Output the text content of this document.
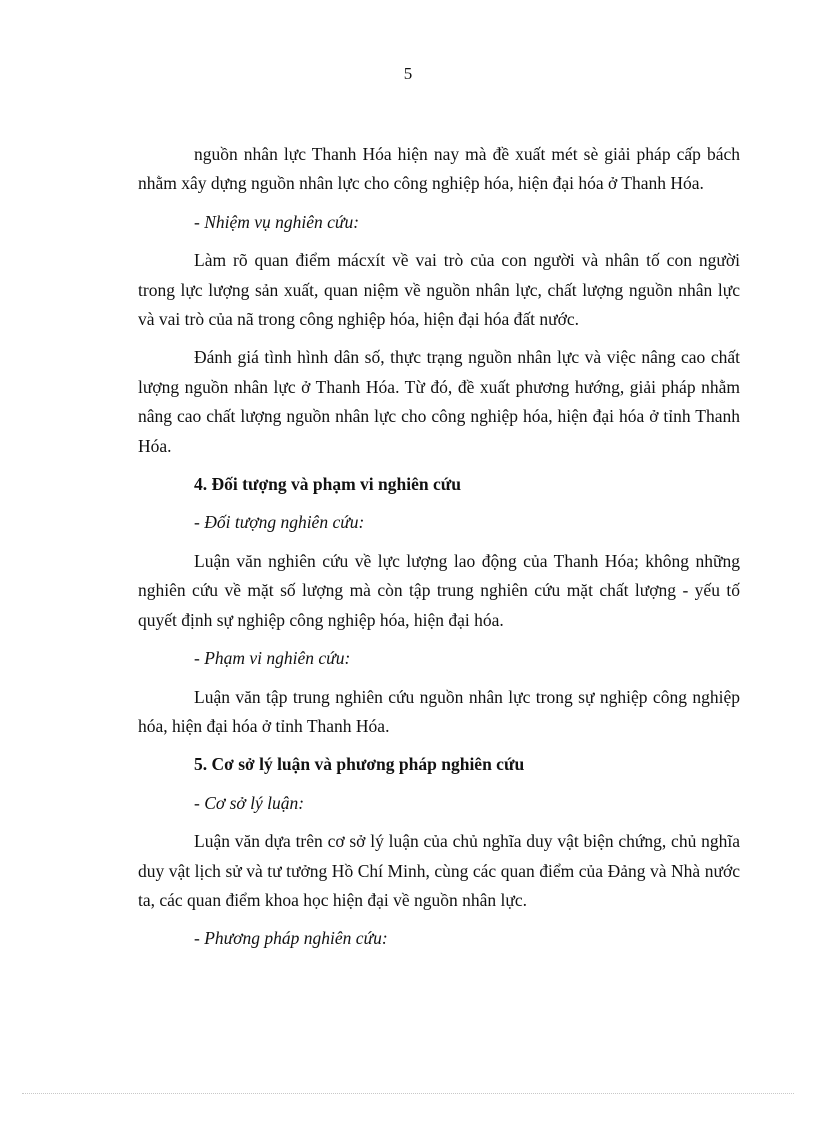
5

nguồn nhân lực Thanh Hóa hiện nay mà đề xuất mét sè giải pháp cấp bách nhằm xây dựng nguồn nhân lực cho công nghiệp hóa, hiện đại hóa ở Thanh Hóa.

- Nhiệm vụ nghiên cứu:

Làm rõ quan điểm mácxít về vai trò của con người và nhân tố con người trong lực lượng sản xuất, quan niệm về nguồn nhân lực, chất lượng nguồn nhân lực và vai trò của nã trong công nghiệp hóa, hiện đại hóa đất nước.

Đánh giá tình hình dân số, thực trạng nguồn nhân lực và việc nâng cao chất lượng nguồn nhân lực ở Thanh Hóa. Từ đó, đề xuất phương hướng, giải pháp nhằm nâng cao chất lượng nguồn nhân lực cho công nghiệp hóa, hiện đại hóa ở tỉnh Thanh Hóa.

4. Đối tượng và phạm vi nghiên cứu

- Đối tượng nghiên cứu:

Luận văn nghiên cứu về lực lượng lao động của Thanh Hóa; không những nghiên cứu về mặt số lượng mà còn tập trung nghiên cứu mặt chất lượng - yếu tố quyết định sự nghiệp công nghiệp hóa, hiện đại hóa.

- Phạm vi nghiên cứu:

Luận văn tập trung nghiên cứu nguồn nhân lực trong sự nghiệp công nghiệp hóa, hiện đại hóa ở tỉnh Thanh Hóa.

5. Cơ sở lý luận và phương pháp nghiên cứu

- Cơ sở lý luận:

Luận văn dựa trên cơ sở lý luận của chủ nghĩa duy vật biện chứng, chủ nghĩa duy vật lịch sử và tư tưởng Hồ Chí Minh, cùng các quan điểm của Đảng và Nhà nước ta, các quan điểm khoa học hiện đại về nguồn nhân lực.

- Phương pháp nghiên cứu:
